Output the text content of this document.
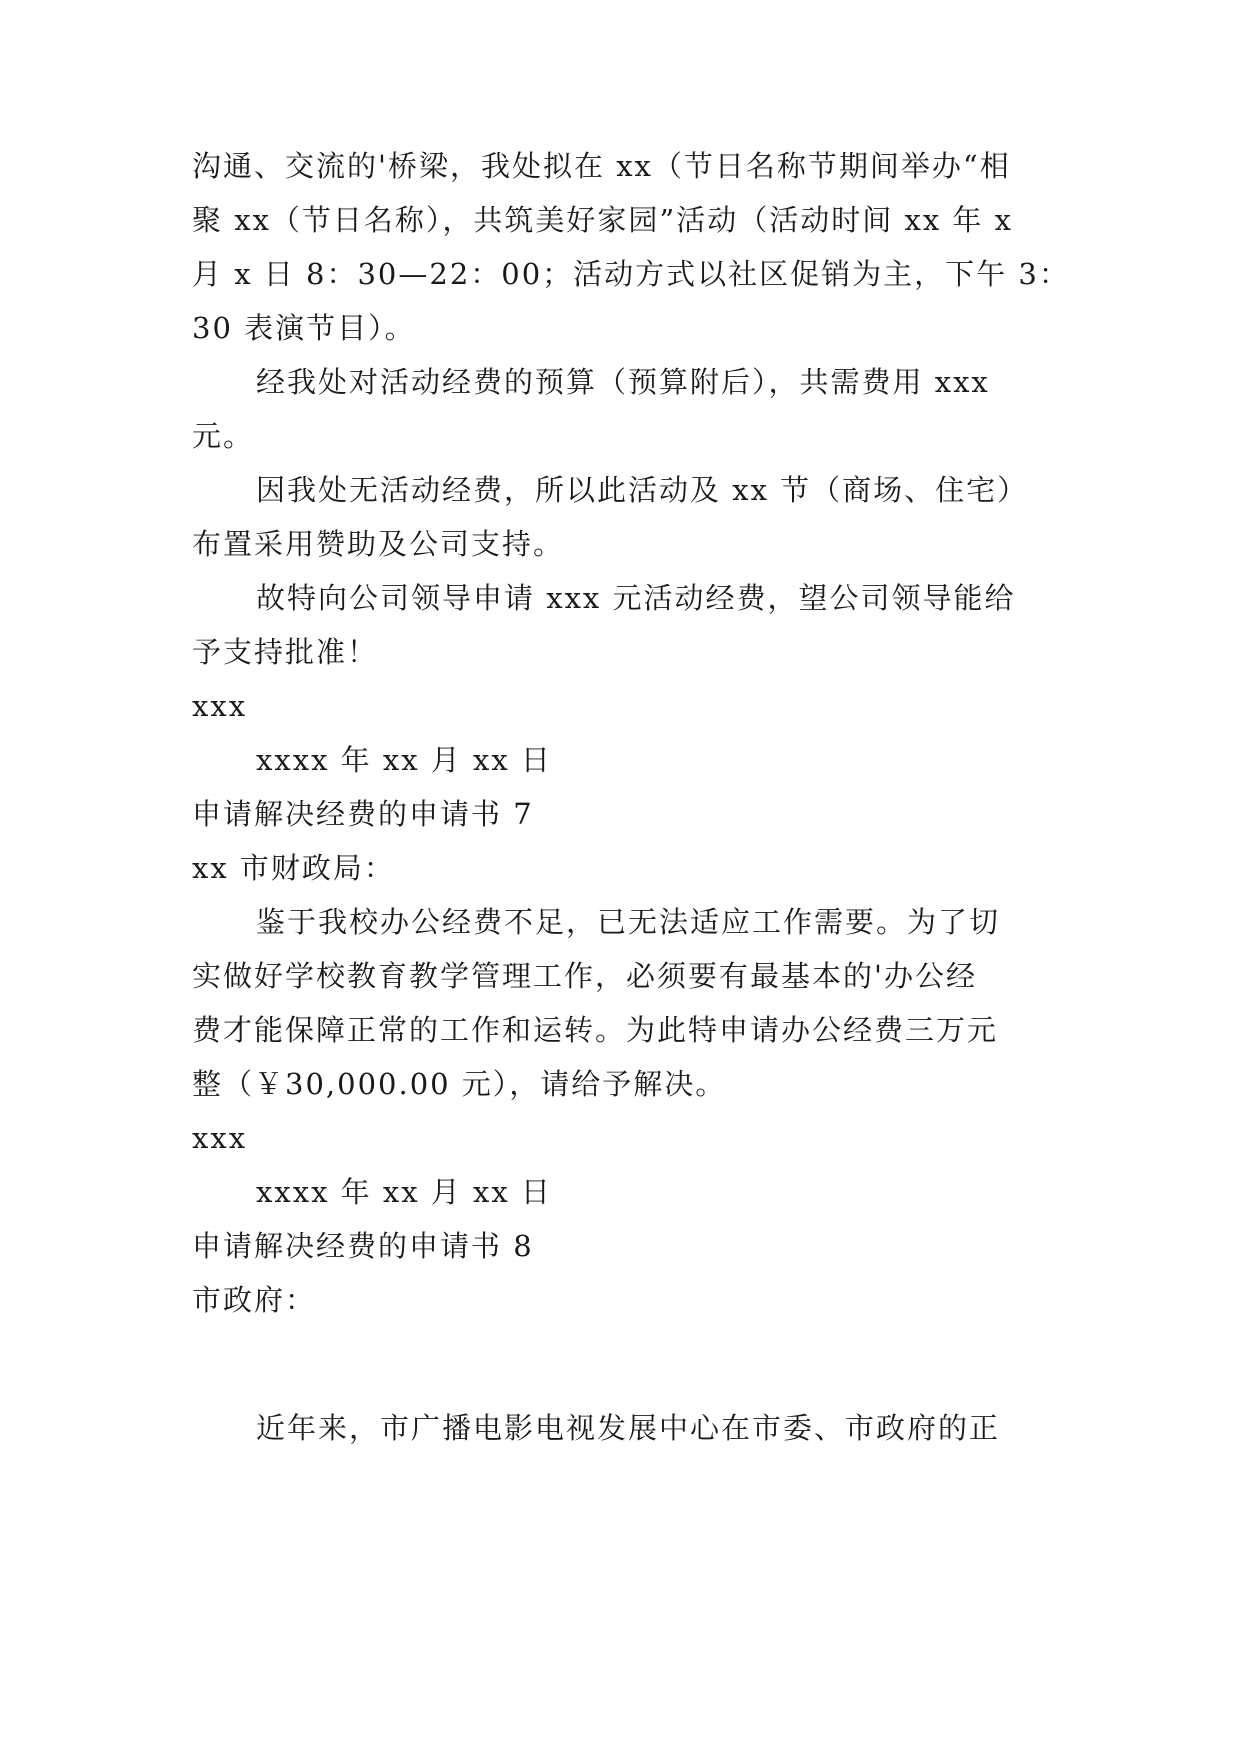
沟通、交流的'桥梁，我处拟在 xx（节日名称节期间举办“相
聚 xx（节日名称），共筑美好家园”活动（活动时间 xx 年 x
月 x 日 8：30—22：00；活动方式以社区促销为主，下午 3：
30 表演节目）。
经我处对活动经费的预算（预算附后），共需费用 xxx
元。
因我处无活动经费，所以此活动及 xx 节（商场、住宅）
布置采用赞助及公司支持。
故特向公司领导申请 xxx 元活动经费，望公司领导能给
予支持批准！
xxx
xxxx 年 xx 月 xx 日
申请解决经费的申请书 7
xx 市财政局：
鉴于我校办公经费不足，已无法适应工作需要。为了切
实做好学校教育教学管理工作，必须要有最基本的'办公经
费才能保障正常的工作和运转。为此特申请办公经费三万元
整（￥30,000.00 元），请给予解决。
xxx
xxxx 年 xx 月 xx 日
申请解决经费的申请书 8
市政府：
近年来，市广播电影电视发展中心在市委、市政府的正
